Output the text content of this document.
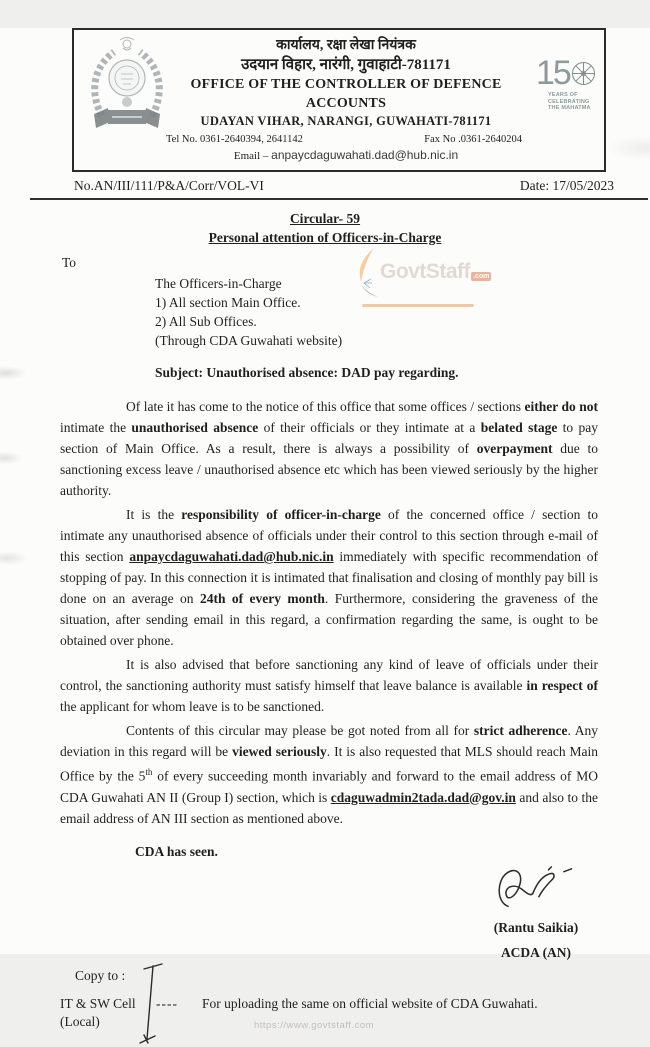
15
YEARS OF
CELEBRATING
THE MAHATMA
कार्यालय, रक्षा लेखा नियंत्रक
उदयान विहार, नारंगी, गुवाहाटी-781171
OFFICE OF THE CONTROLLER OF DEFENCE ACCOUNTS
UDAYAN VIHAR, NARANGI, GUWAHATI-781171
Tel No. 0361-2640394, 2641142	Fax No .0361-2640204
Email – anpaycdaguwahati.dad@hub.nic.in
No.AN/III/111/P&A/Corr/VOL-VI	Date: 17/05/2023
Circular- 59
Personal attention of Officers-in-Charge
To
The Officers-in-Charge
1) All section Main Office.
2) All Sub Offices.
(Through CDA Guwahati website)
GovtStaff .com
Subject: Unauthorised absence: DAD pay regarding.

Of late it has come to the notice of this office that some offices / sections either do not intimate the unauthorised absence of their officials or they intimate at a belated stage to pay section of Main Office. As a result, there is always a possibility of overpayment due to sanctioning excess leave / unauthorised absence etc which has been viewed seriously by the higher authority.

It is the responsibility of officer-in-charge of the concerned office / section to intimate any unauthorised absence of officials under their control to this section through e-mail of this section anpaycdaguwahati.dad@hub.nic.in immediately with specific recommendation of stopping of pay. In this connection it is intimated that finalisation and closing of monthly pay bill is done on an average on 24th of every month. Furthermore, considering the graveness of the situation, after sending email in this regard, a confirmation regarding the same, is ought to be obtained over phone.

It is also advised that before sanctioning any kind of leave of officials under their control, the sanctioning authority must satisfy himself that leave balance is available in respect of the applicant for whom leave is to be sanctioned.

Contents of this circular may please be got noted from all for strict adherence. Any deviation in this regard will be viewed seriously. It is also requested that MLS should reach Main Office by the 5th of every succeeding month invariably and forward to the email address of MO CDA Guwahati AN II (Group I) section, which is cdaguwadmin2tada.dad@gov.in and also to the email address of AN III section as mentioned above.

CDA has seen.
(Rantu Saikia)
ACDA (AN)
Copy to :
IT & SW Cell
(Local)
----	For uploading the same on official website of CDA Guwahati.
https://www.govtstaff.com
